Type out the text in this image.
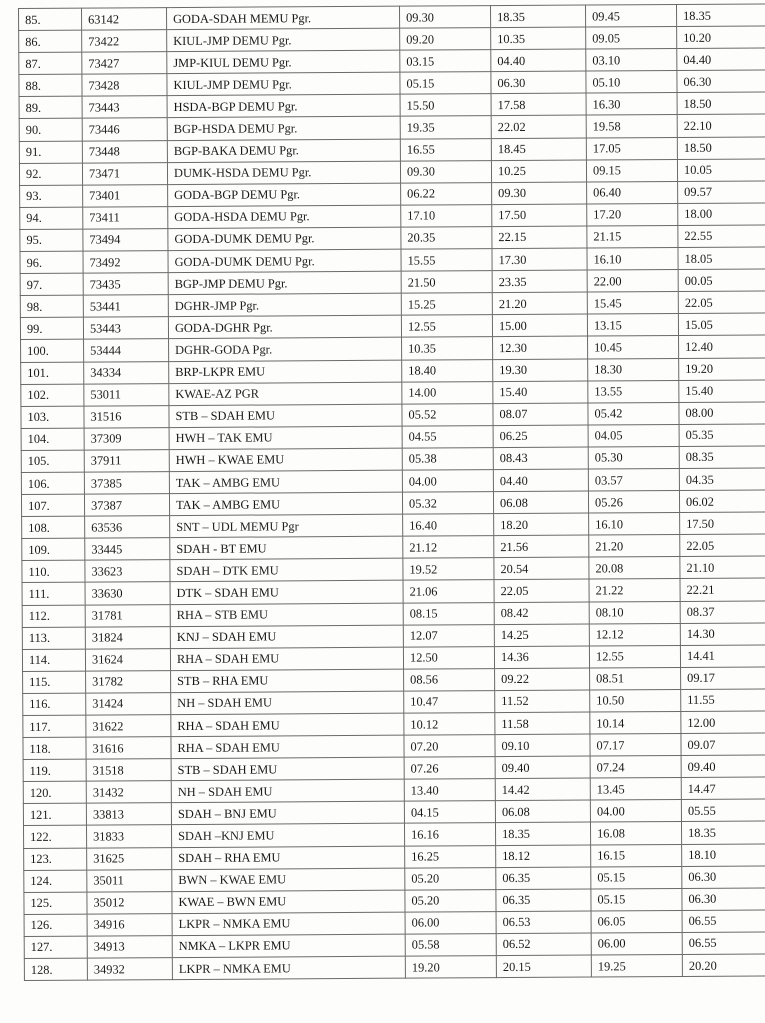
85.	63142	GODA-SDAH MEMU Pgr.	09.30	18.35	09.45	18.35
86.	73422	KIUL-JMP DEMU Pgr.	09.20	10.35	09.05	10.20
87.	73427	JMP-KIUL DEMU Pgr.	03.15	04.40	03.10	04.40
88.	73428	KIUL-JMP DEMU Pgr.	05.15	06.30	05.10	06.30
89.	73443	HSDA-BGP DEMU Pgr.	15.50	17.58	16.30	18.50
90.	73446	BGP-HSDA DEMU Pgr.	19.35	22.02	19.58	22.10
91.	73448	BGP-BAKA DEMU Pgr.	16.55	18.45	17.05	18.50
92.	73471	DUMK-HSDA DEMU Pgr.	09.30	10.25	09.15	10.05
93.	73401	GODA-BGP DEMU Pgr.	06.22	09.30	06.40	09.57
94.	73411	GODA-HSDA DEMU Pgr.	17.10	17.50	17.20	18.00
95.	73494	GODA-DUMK DEMU Pgr.	20.35	22.15	21.15	22.55
96.	73492	GODA-DUMK DEMU Pgr.	15.55	17.30	16.10	18.05
97.	73435	BGP-JMP DEMU Pgr.	21.50	23.35	22.00	00.05
98.	53441	DGHR-JMP Pgr.	15.25	21.20	15.45	22.05
99.	53443	GODA-DGHR Pgr.	12.55	15.00	13.15	15.05
100.	53444	DGHR-GODA Pgr.	10.35	12.30	10.45	12.40
101.	34334	BRP-LKPR EMU	18.40	19.30	18.30	19.20
102.	53011	KWAE-AZ PGR	14.00	15.40	13.55	15.40
103.	31516	STB – SDAH EMU	05.52	08.07	05.42	08.00
104.	37309	HWH – TAK EMU	04.55	06.25	04.05	05.35
105.	37911	HWH – KWAE EMU	05.38	08.43	05.30	08.35
106.	37385	TAK – AMBG EMU	04.00	04.40	03.57	04.35
107.	37387	TAK – AMBG EMU	05.32	06.08	05.26	06.02
108.	63536	SNT – UDL MEMU Pgr	16.40	18.20	16.10	17.50
109.	33445	SDAH - BT EMU	21.12	21.56	21.20	22.05
110.	33623	SDAH – DTK EMU	19.52	20.54	20.08	21.10
111.	33630	DTK – SDAH EMU	21.06	22.05	21.22	22.21
112.	31781	RHA – STB EMU	08.15	08.42	08.10	08.37
113.	31824	KNJ – SDAH EMU	12.07	14.25	12.12	14.30
114.	31624	RHA – SDAH EMU	12.50	14.36	12.55	14.41
115.	31782	STB – RHA EMU	08.56	09.22	08.51	09.17
116.	31424	NH – SDAH EMU	10.47	11.52	10.50	11.55
117.	31622	RHA – SDAH EMU	10.12	11.58	10.14	12.00
118.	31616	RHA – SDAH EMU	07.20	09.10	07.17	09.07
119.	31518	STB – SDAH EMU	07.26	09.40	07.24	09.40
120.	31432	NH – SDAH EMU	13.40	14.42	13.45	14.47
121.	33813	SDAH – BNJ EMU	04.15	06.08	04.00	05.55
122.	31833	SDAH –KNJ EMU	16.16	18.35	16.08	18.35
123.	31625	SDAH – RHA EMU	16.25	18.12	16.15	18.10
124.	35011	BWN – KWAE EMU	05.20	06.35	05.15	06.30
125.	35012	KWAE – BWN EMU	05.20	06.35	05.15	06.30
126.	34916	LKPR – NMKA EMU	06.00	06.53	06.05	06.55
127.	34913	NMKA – LKPR EMU	05.58	06.52	06.00	06.55
128.	34932	LKPR – NMKA EMU	19.20	20.15	19.25	20.20
